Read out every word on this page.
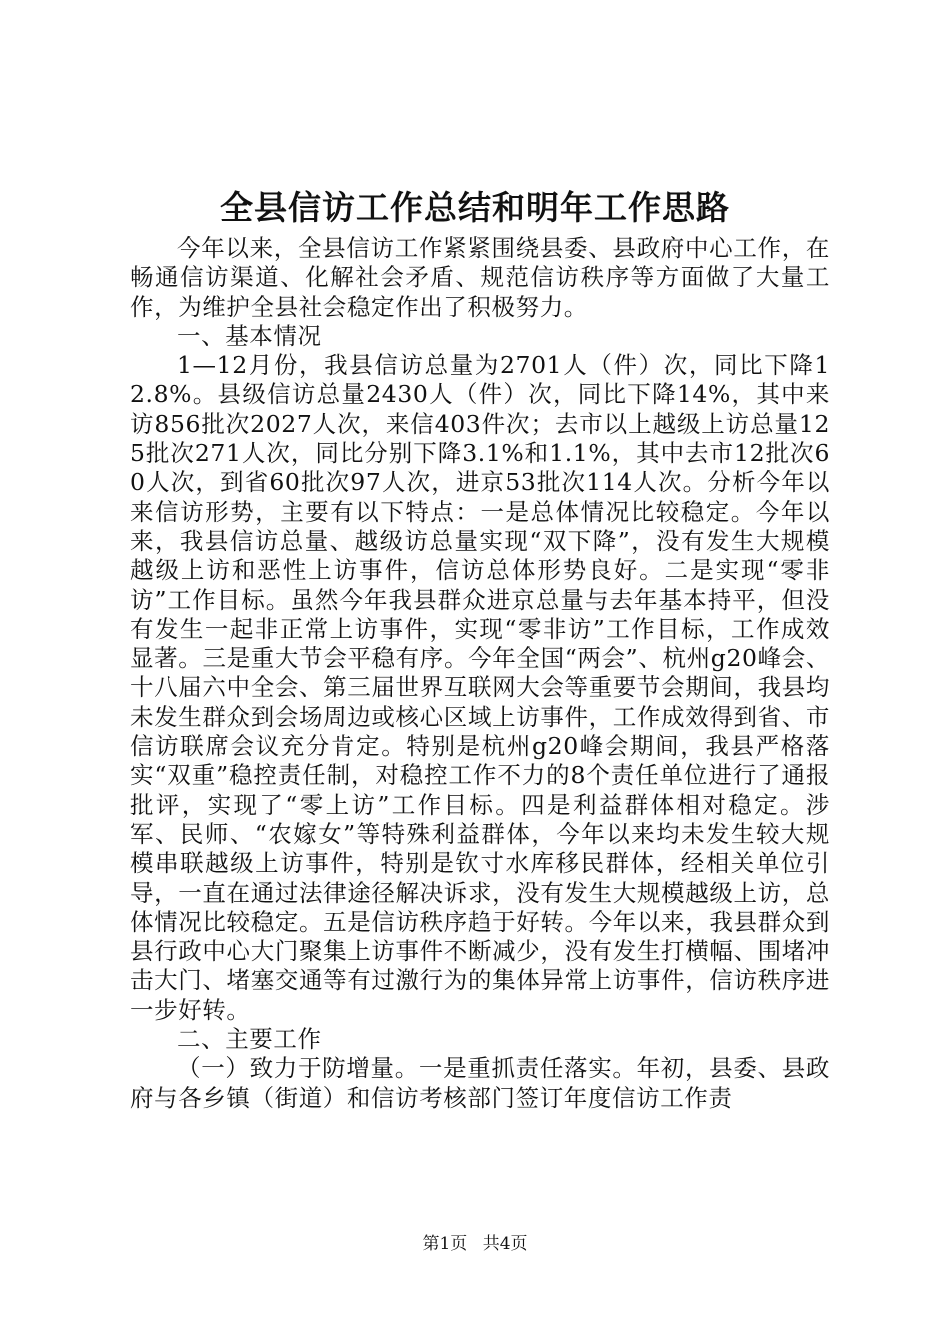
全县信访工作总结和明年工作思路

今年以来，全县信访工作紧紧围绕县委、县政府中心工作，在畅通信访渠道、化解社会矛盾、规范信访秩序等方面做了大量工作，为维护全县社会稳定作出了积极努力。

一、基本情况

1—12月份，我县信访总量为2701人（件）次，同比下降12.8%。县级信访总量2430人（件）次，同比下降14%，其中来访856批次2027人次，来信403件次；去市以上越级上访总量125批次271人次，同比分别下降3.1%和1.1%，其中去市12批次60人次，到省60批次97人次，进京53批次114人次。分析今年以来信访形势，主要有以下特点：一是总体情况比较稳定。今年以来，我县信访总量、越级访总量实现“双下降”，没有发生大规模越级上访和恶性上访事件，信访总体形势良好。二是实现“零非访”工作目标。虽然今年我县群众进京总量与去年基本持平，但没有发生一起非正常上访事件，实现“零非访”工作目标，工作成效显著。三是重大节会平稳有序。今年全国“两会”、杭州g20峰会、十八届六中全会、第三届世界互联网大会等重要节会期间，我县均未发生群众到会场周边或核心区域上访事件，工作成效得到省、市信访联席会议充分肯定。特别是杭州g20峰会期间，我县严格落实“双重”稳控责任制，对稳控工作不力的8个责任单位进行了通报批评，实现了“零上访”工作目标。四是利益群体相对稳定。涉军、民师、“农嫁女”等特殊利益群体，今年以来均未发生较大规模串联越级上访事件，特别是钦寸水库移民群体，经相关单位引导，一直在通过法律途径解决诉求，没有发生大规模越级上访，总体情况比较稳定。五是信访秩序趋于好转。今年以来，我县群众到县行政中心大门聚集上访事件不断减少，没有发生打横幅、围堵冲击大门、堵塞交通等有过激行为的集体异常上访事件，信访秩序进一步好转。

二、主要工作

（一）致力于防增量。一是重抓责任落实。年初，县委、县政府与各乡镇（街道）和信访考核部门签订年度信访工作责

第1页 共4页
